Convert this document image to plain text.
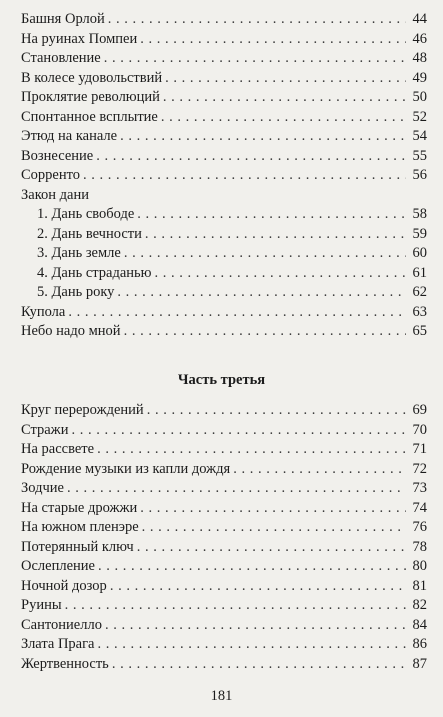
Башня Орлой . . .	44
На руинах Помпеи . . .	46
Становление . . .	48
В колесе удовольствий . . .	49
Проклятие революций . . .	50
Спонтанное всплытие . . .	52
Этюд на канале . . .	54
Вознесение . . .	55
Сорренто . . .	56
Закон дани
1. Дань свободе . . .	58
2. Дань вечности . . .	59
3. Дань земле . . .	60
4. Дань страданью . . .	61
5. Дань року . . .	62
Купола . . .	63
Небо надо мной . . .	65
Часть третья
Круг перерождений . . .	69
Стражи . . .	70
На рассвете . . .	71
Рождение музыки из капли дождя . . .	72
Зодчие . . .	73
На старые дрожжи . . .	74
На южном пленэре . . .	76
Потерянный ключ . . .	78
Ослепление . . .	80
Ночной дозор . . .	81
Руины . . .	82
Сантониелло . . .	84
Злата Прага . . .	86
Жертвенность . . .	87
181
